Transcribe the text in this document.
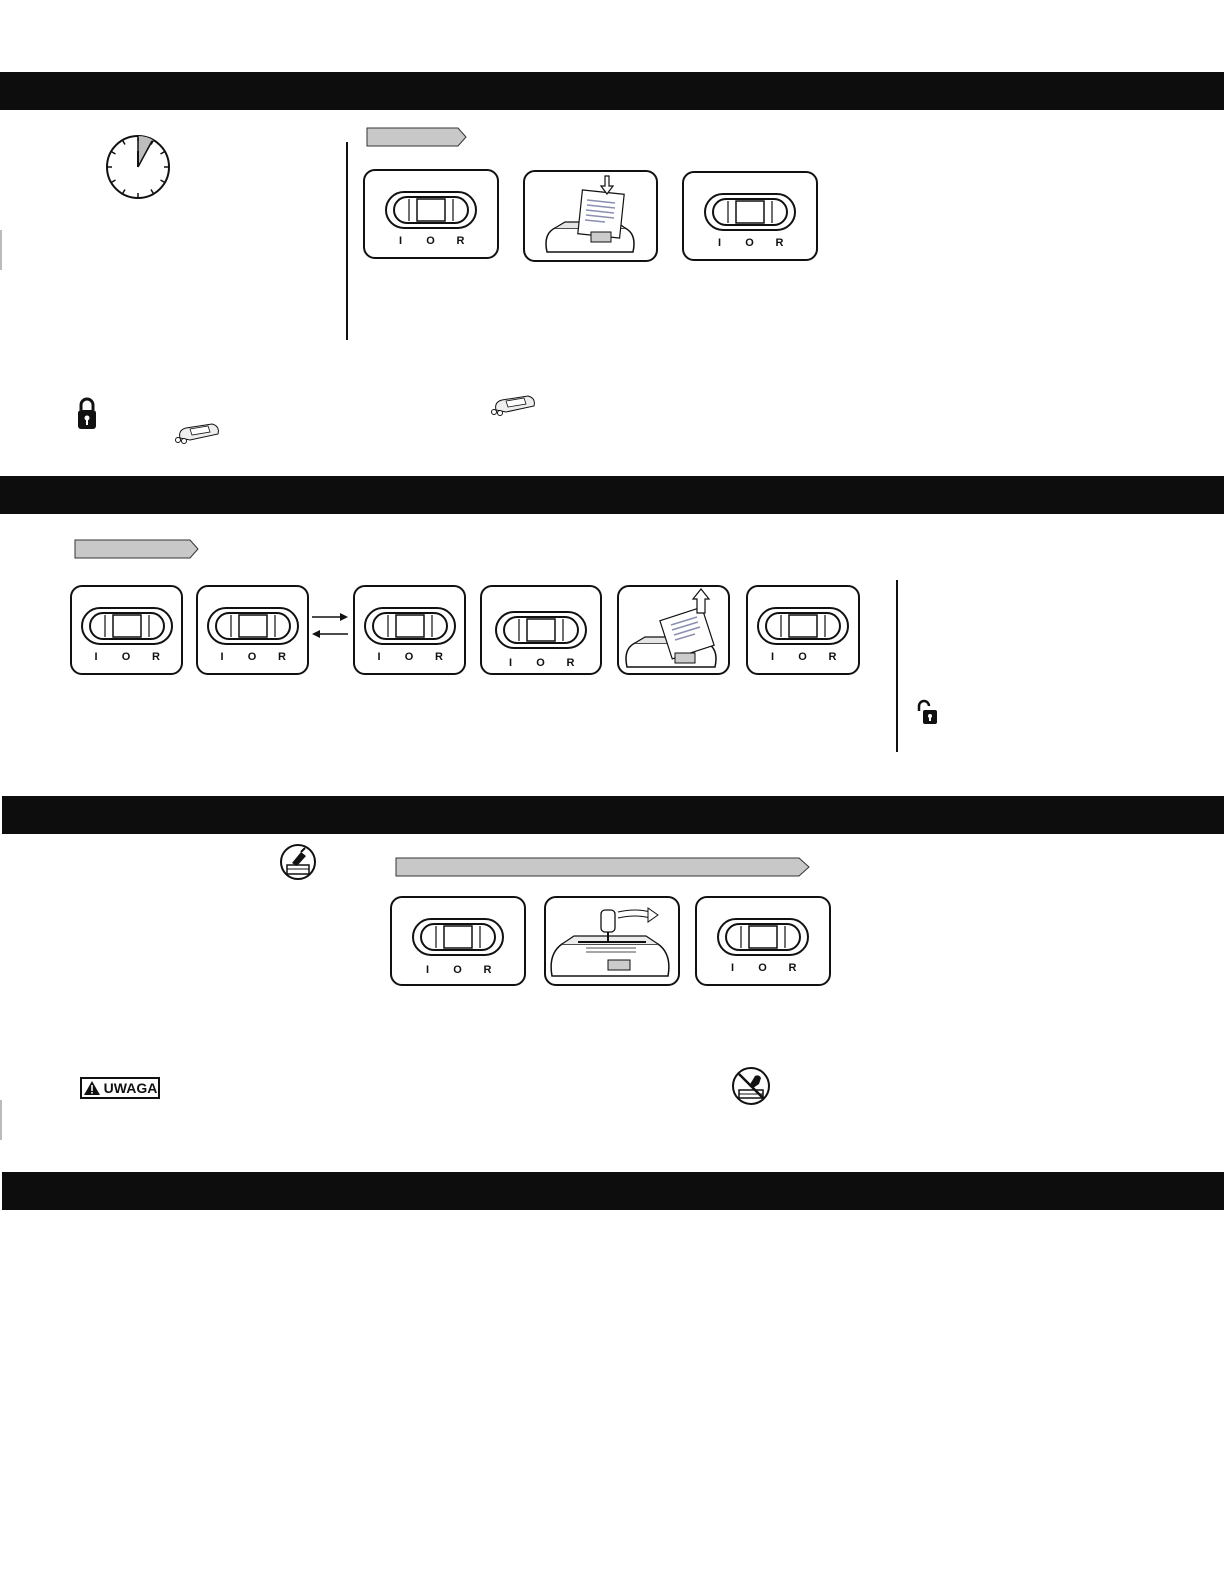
I O R	I O R
I O R	I O R	I O R	I O R	I O R
I O R	I O R
UWAGA
